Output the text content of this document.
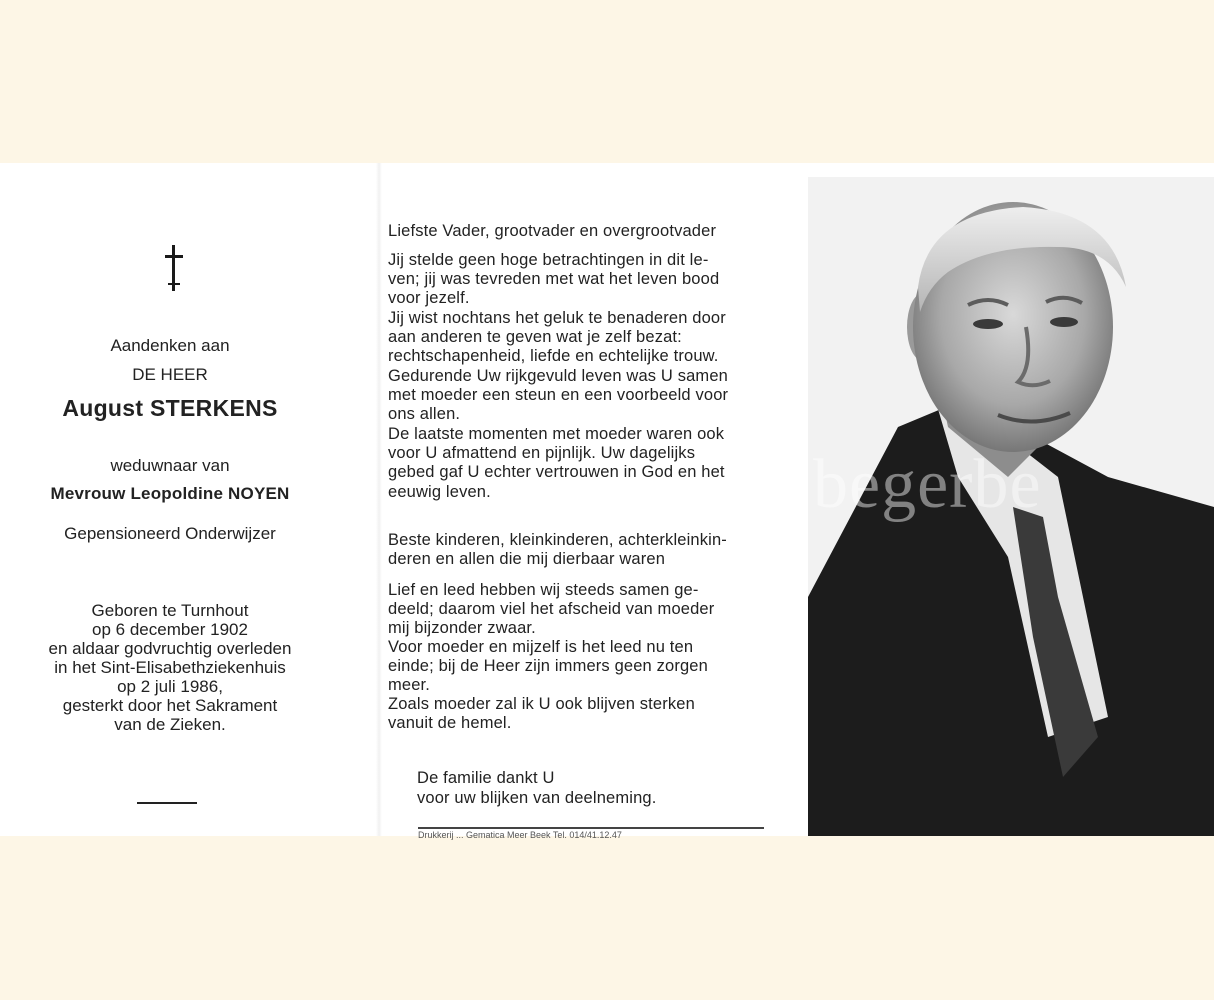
Aandenken aan
DE HEER
August STERKENS
weduwnaar van
Mevrouw Leopoldine NOYEN
Gepensioneerd Onderwijzer
Geboren te Turnhout
op 6 december 1902
en aldaar godvruchtig overleden
in het Sint-Elisabethziekenhuis
op 2 juli 1986,
gesterkt door het Sakrament
van de Zieken.
Liefste Vader, grootvader en overgrootvader
Jij stelde geen hoge betrachtingen in dit le-
ven; jij was tevreden met wat het leven bood
voor jezelf.
Jij wist nochtans het geluk te benaderen door
aan anderen te geven wat je zelf bezat:
rechtschapenheid, liefde en echtelijke trouw.
Gedurende Uw rijkgevuld leven was U samen
met moeder een steun en een voorbeeld voor
ons allen.
De laatste momenten met moeder waren ook
voor U afmattend en pijnlijk. Uw dagelijks
gebed gaf U echter vertrouwen in God en het
eeuwig leven.
Beste kinderen, kleinkinderen, achterkleinkin-
deren en allen die mij dierbaar waren
Lief en leed hebben wij steeds samen ge-
deeld; daarom viel het afscheid van moeder
mij bijzonder zwaar.
Voor moeder en mijzelf is het leed nu ten
einde; bij de Heer zijn immers geen zorgen
meer.
Zoals moeder zal ik U ook blijven sterken
vanuit de hemel.
De familie dankt U
voor uw blijken van deelneming.
Drukkerij ... Gematica Meer Beek Tel. 014/41.12.47
begerbe
